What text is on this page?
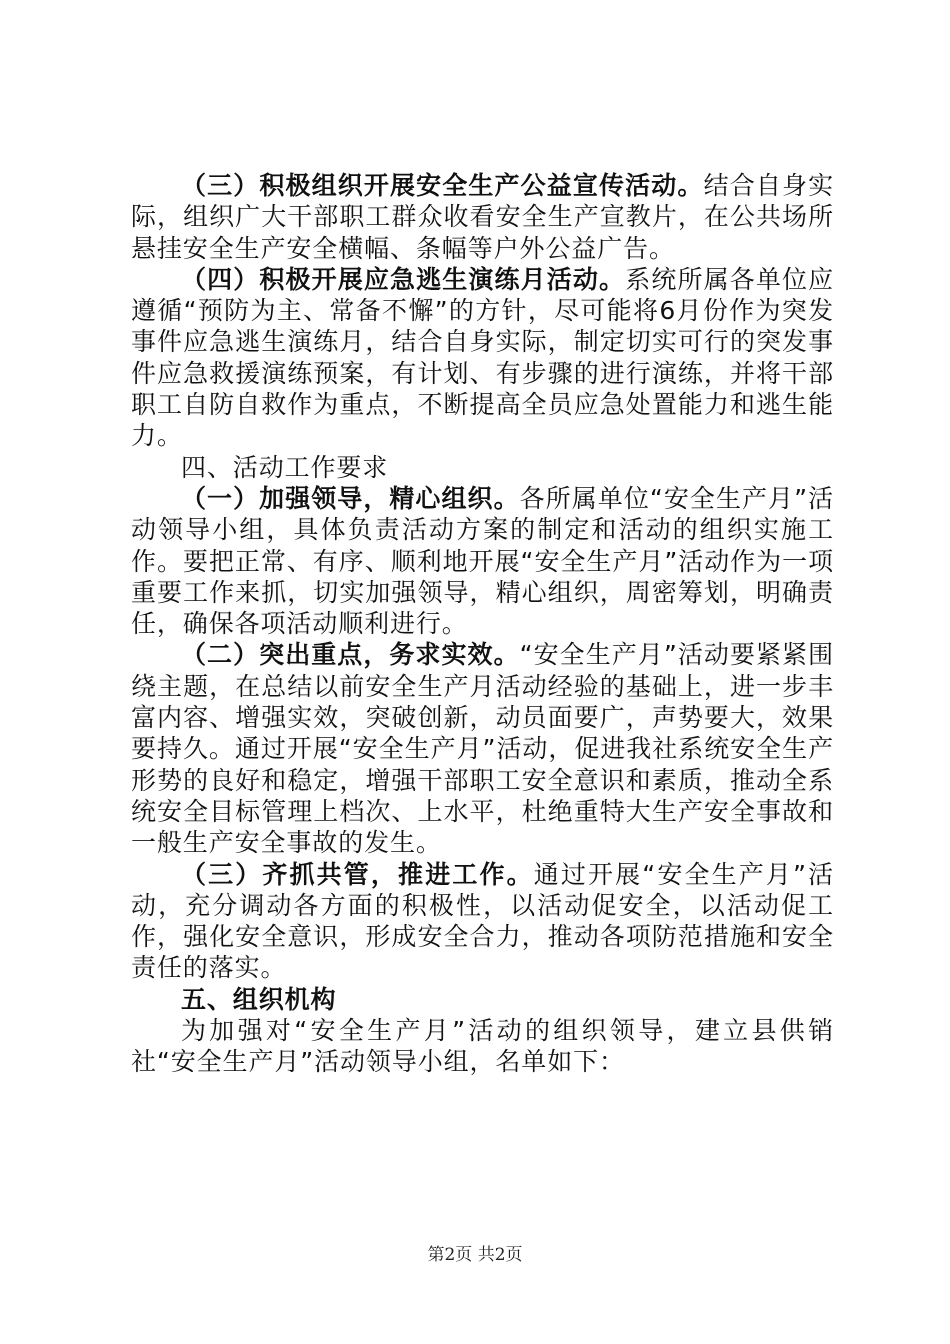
（三）积极组织开展安全生产公益宣传活动。结合自身实际，组织广大干部职工群众收看安全生产宣教片，在公共场所悬挂安全生产安全横幅、条幅等户外公益广告。

（四）积极开展应急逃生演练月活动。系统所属各单位应遵循“预防为主、常备不懈”的方针，尽可能将6月份作为突发事件应急逃生演练月，结合自身实际，制定切实可行的突发事件应急救援演练预案，有计划、有步骤的进行演练，并将干部职工自防自救作为重点，不断提高全员应急处置能力和逃生能力。

四、活动工作要求

（一）加强领导，精心组织。各所属单位“安全生产月”活动领导小组，具体负责活动方案的制定和活动的组织实施工作。要把正常、有序、顺利地开展“安全生产月”活动作为一项重要工作来抓，切实加强领导，精心组织，周密筹划，明确责任，确保各项活动顺利进行。

（二）突出重点，务求实效。“安全生产月”活动要紧紧围绕主题，在总结以前安全生产月活动经验的基础上，进一步丰富内容、增强实效，突破创新，动员面要广，声势要大，效果要持久。通过开展“安全生产月”活动，促进我社系统安全生产形势的良好和稳定，增强干部职工安全意识和素质，推动全系统安全目标管理上档次、上水平，杜绝重特大生产安全事故和一般生产安全事故的发生。

（三）齐抓共管，推进工作。通过开展“安全生产月”活动，充分调动各方面的积极性，以活动促安全，以活动促工作，强化安全意识，形成安全合力，推动各项防范措施和安全责任的落实。

五、组织机构

为加强对“安全生产月”活动的组织领导，建立县供销社“安全生产月”活动领导小组，名单如下：

第2页 共2页
